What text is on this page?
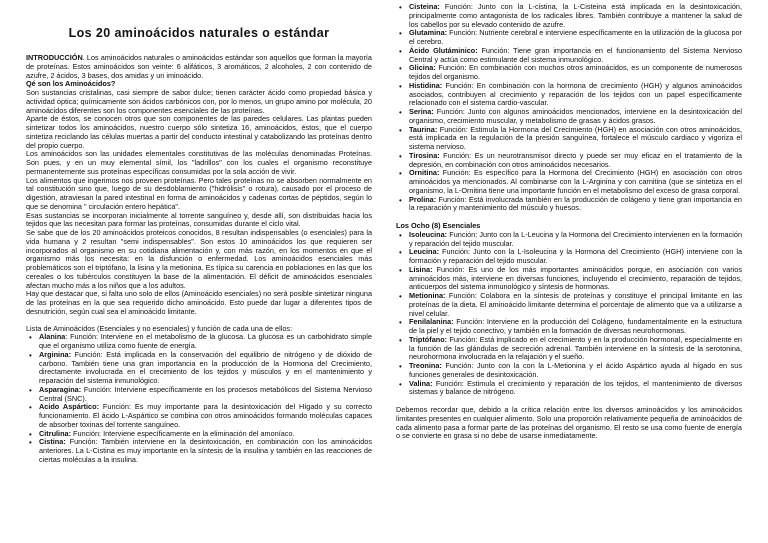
Los 20 aminoácidos naturales o estándar

INTRODUCCIÓN. Los aminoácidos naturales o aminoácidos estándar son aquellos que forman la mayoría de proteínas. Estos aminoácidos son veinte: 6 alifáticos, 3 aromáticos, 2 alcoholes, 2 con contenido de azufre, 2 ácidos, 3 bases, dos amidas y un iminoácido.

Qé son los Aminoácidos?

Son sustancias cristalinas, casi siempre de sabor dulce; tienen carácter ácido como propiedad básica y actividad óptica; químicamente son ácidos carbónicos con, por lo menos, un grupo amino por molécula, 20 aminoácidos diferentes son los componentes esenciales de las proteínas.

Aparte de éstos, se conocen otros que son componentes de las paredes celulares. Las plantas pueden sintetizar todos los aminoácidos, nuestro cuerpo sólo sintetiza 16, aminoácidos, éstos, que el cuerpo sintetiza reciclando las células muertas a partir del conducto intestinal y catabolizando las proteínas dentro del propio cuerpo.

Los aminoácidos son las unidades elementales constitutivas de las moléculas denominadas Proteínas. Son pues, y en un muy elemental símil, los "ladrillos" con los cuales el organismo reconstituye permanentemente sus proteínas específicas consumidas por la sola acción de vivir.

Los alimentos que ingerimos nos proveen proteínas. Pero tales proteínas no se absorben normalmente en tal constitución sino que, luego de su desdoblamiento ("hidrólisis" o rotura), causado por el proceso de digestión, atraviesan la pared intestinal en forma de aminoácidos y cadenas cortas de péptidos, según lo que se denomina " circulación entero hepática".

Esas sustancias se incorporan inicialmente al torrente sanguíneo y, desde allí, son distribuidas hacia los tejidos que las necesitan para formar las proteínas, consumidas durante el ciclo vital.

Se sabe que de los 20 aminoácidos proteicos conocidos, 8 resultan indispensables (o esenciales) para la vida humana y 2 resultan "semi indispensables". Son estos 10 aminoácidos los que requieren ser incorporados al organismo en su cotidiana alimentación y, con más razón, en los momentos en que el organismo más los necesita: en la disfunción o enfermedad. Los aminoácidos esenciales más problemáticos son el triptófano, la lisina y la metionina. Es típica su carencia en poblaciones en las que los cereales o los tubérculos constituyen la base de la alimentación. El déficit de aminoácidos esenciales afectan mucho más a los niños que a los adultos.

Hay que destacar que, si falta uno solo de ellos (Aminoácido esenciales) no será posible sintetizar ninguna de las proteínas en la que sea requerido dicho aminoácido. Esto puede dar lugar a diferentes tipos de desnutrición, según cual sea el aminoácido limitante.

Lista de Aminoácidos (Esenciales y no esenciales) y función de cada una de ellos:

• Alanina: Función: Interviene en el metabolismo de la glucosa. La glucosa es un carbohidrato simple que el organismo utiliza como fuente de energía.
• Arginina: Función: Está implicada en la conservación del equilibrio de nitrógeno y de dióxido de carbono. También tiene una gran importancia en la producción de la Hormona del Crecimiento, directamente involucrada en el crecimiento de los tejidos y músculos y en el mantenimiento y reparación del sistema inmunológico.
• Asparagina: Función: Interviene específicamente en los procesos metabólicos del Sistema Nervioso Central (SNC).
• Acido Aspártico: Función: Es muy importante para la desintoxicación del Hígado y su correcto funcionamiento. El ácido L-Aspártico se combina con otros aminoácidos formando moléculas capaces de absorber toxinas del torrente sanguíneo.
• Citrulina: Función: Interviene específicamente en la eliminación del amoníaco.
• Cistina: Función: También interviene en la desintoxicación, en combinación con los aminoácidos anteriores. La L-Cistina es muy importante en la síntesis de la insulina y también en las reacciones de ciertas moléculas a la insulina.
• Cisteina: Función: Junto con la L-cistina, la L-Cisteina está implicada en la desintoxicación, principalmente como antagonista de los radicales libres. También contribuye a mantener la salud de los cabellos por su elevado contenido de azufre.
• Glutamina: Función: Nutriente cerebral e interviene específicamente en la utilización de la glucosa por el cerebro.
• Ácido Glutáminico: Función: Tiene gran importancia en el funcionamiento del Sistema Nervioso Central y actúa como estimulante del sistema inmunológico.
• Glicina: Función: En combinación con muchos otros aminoácidos, es un componente de numerosos tejidos del organismo.
• Histidina: Función: En combinación con la hormona de crecimiento (HGH) y algunos aminoácidos asociados, contribuyen al crecimiento y reparación de los tejidos con un papel específicamente relacionado con el sistema cardio-vascular.
• Serina: Función: Junto con algunos aminoácidos mencionados, interviene en la desintoxicación del organismo, crecimiento muscular, y metabolismo de grasas y ácidos grasos.
• Taurina: Función: Estimula la Hormona del Crecimiento (HGH) en asociación con otros aminoácidos, está implicada en la regulación de la presión sanguínea, fortalece el músculo cardiaco y vigoriza el sistema nervioso.
• Tirosina: Función: Es un neurotransmisor directo y puede ser muy eficaz en el tratamiento de la depresión, en combinación con otros aminoácidos necesarios.
• Ornitina: Función: Es específico para la Hormona del Crecimiento (HGH) en asociación con otros aminoácidos ya mencionados. Al combinarse con la L-Arginina y con carnitina (que se sintetiza en el organismo, la L-Ornitina tiene una importante función en el metabolismo del exceso de grasa corporal.
• Prolina: Función: Está involucrada también en la producción de colágeno y tiene gran importancia en la reparación y mantenimiento del músculo y huesos.

Los Ocho (8) Esenciales

• Isoleucina: Función: Junto con la L-Leucina y la Hormona del Crecimiento intervienen en la formación y reparación del tejido muscular.
• Leucina: Función: Junto con la L-Isoleucina y la Hormona del Crecimiento (HGH) interviene con la formación y reparación del tejido muscular.
• Lisina: Función: Es uno de los más importantes aminoácidos porque, en asociación con varios aminoácidos más, interviene en diversas funciones, incluyendo el crecimiento, reparación de tejidos, anticuerpos del sistema inmunológico y síntesis de hormonas.
• Metionina: Función: Colabora en la síntesis de proteínas y constituye el principal limitante en las proteínas de la dieta. El aminoácido limitante determina el porcentaje de alimento que va a utilizarse a nivel celular.
• Fenilalanina: Función: Interviene en la producción del Colágeno, fundamentalmente en la estructura de la piel y el tejido conectivo, y también en la formación de diversas neurohormonas.
• Triptófano: Función: Está implicado en el crecimiento y en la producción hormonal, especialmente en la función de las glándulas de secreción adrenal. También interviene en la síntesis de la serotonina, neurohormona involucrada en la relajación y el sueño.
• Treonina: Función: Junto con la con la L-Metionina y el ácido Aspártico ayuda al hígado en sus funciones generales de desintoxicación.
• Valina: Función: Estimula el crecimiento y reparación de los tejidos, el mantenimiento de diversos sistemas y balance de nitrógeno.

Debemos recordar que, debido a la crítica relación entre los diversos aminoácidos y los aminoácidos limitantes presentes en cualquier alimento. Solo una proporción relativamente pequeña de aminoácidos de cada alimento pasa a formar parte de las proteínas del organismo. El resto se usa como fuente de energía o se convierte en grasa si no debe de usarse inmediatamente.
